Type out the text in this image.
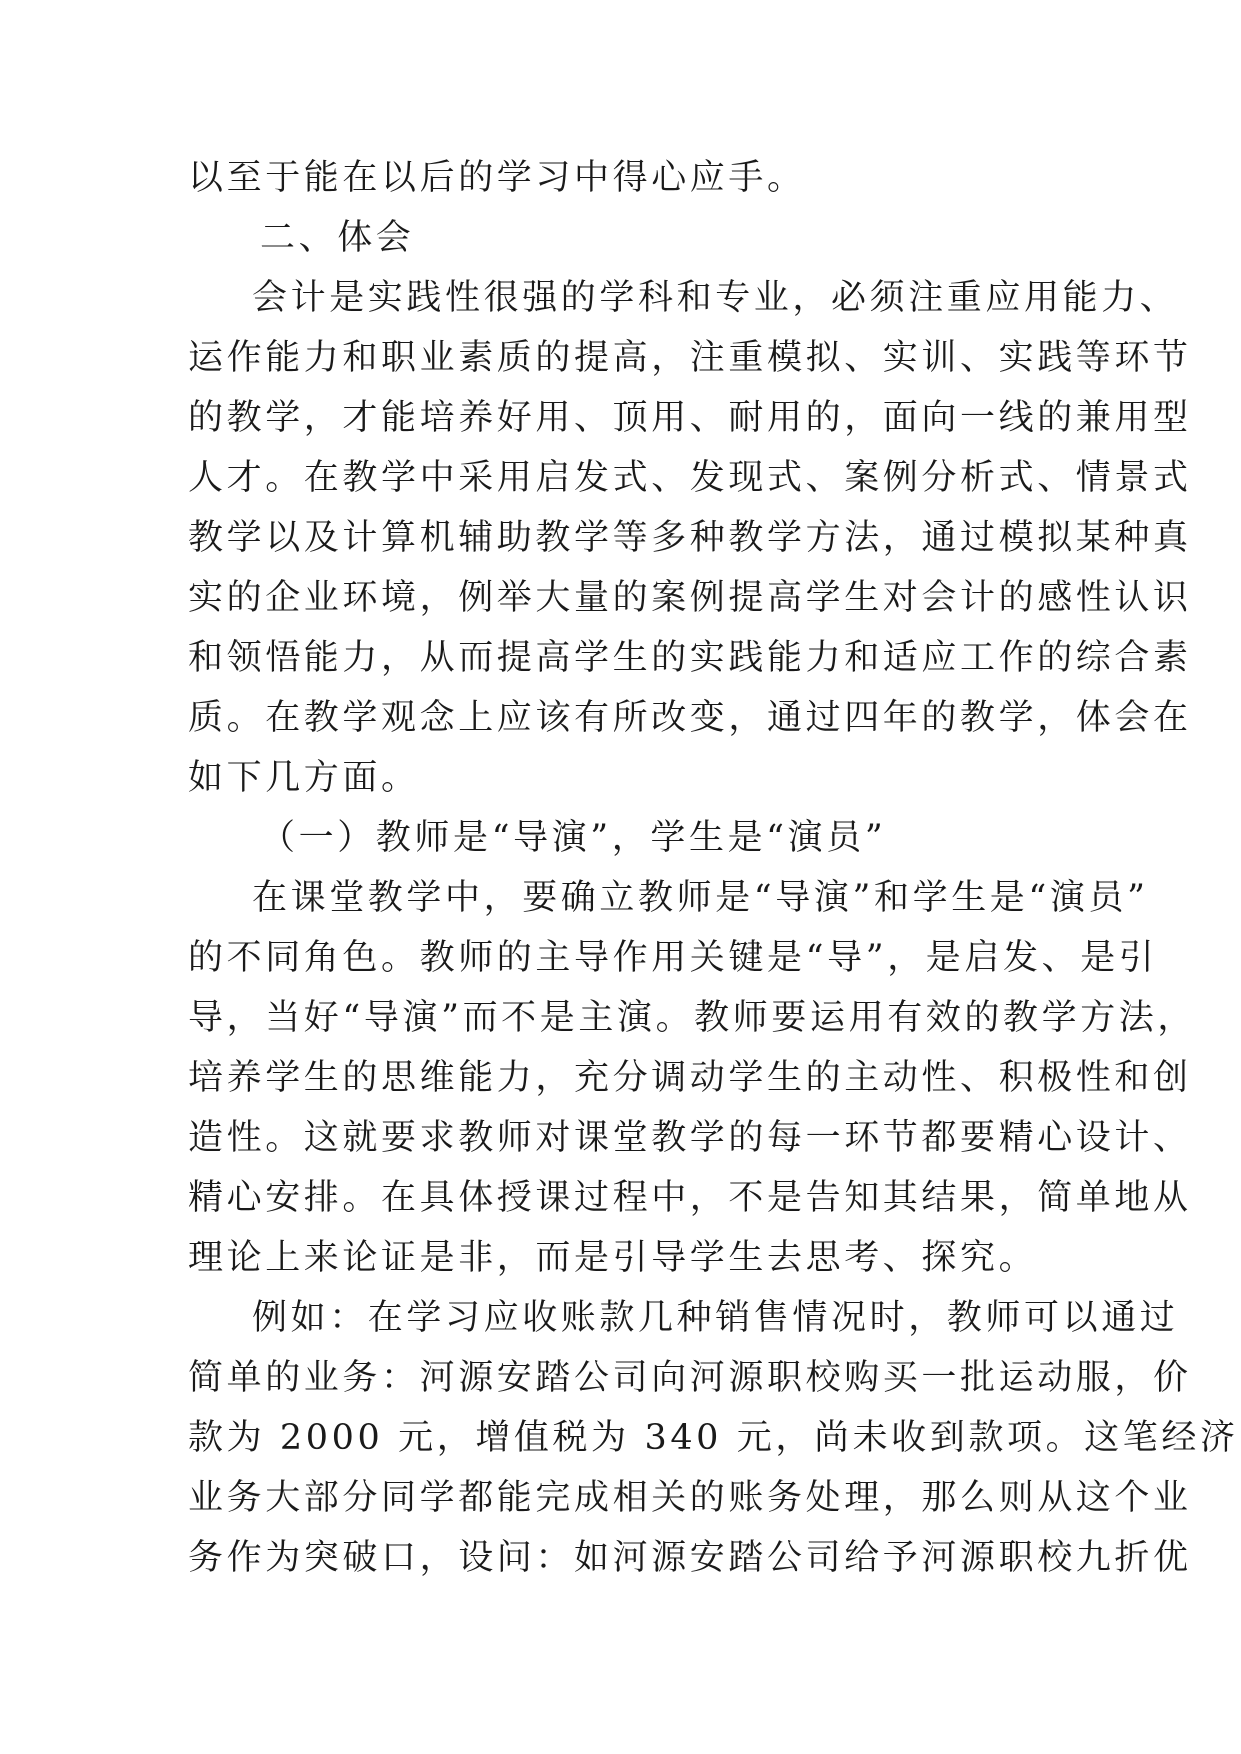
以至于能在以后的学习中得心应手。
二、体会
会计是实践性很强的学科和专业，必须注重应用能力、
运作能力和职业素质的提高，注重模拟、实训、实践等环节
的教学，才能培养好用、顶用、耐用的，面向一线的兼用型
人才。在教学中采用启发式、发现式、案例分析式、情景式
教学以及计算机辅助教学等多种教学方法，通过模拟某种真
实的企业环境，例举大量的案例提高学生对会计的感性认识
和领悟能力，从而提高学生的实践能力和适应工作的综合素
质。在教学观念上应该有所改变，通过四年的教学，体会在
如下几方面。
（一）教师是“导演”，学生是“演员”
在课堂教学中，要确立教师是“导演”和学生是“演员”
的不同角色。教师的主导作用关键是“导”，是启发、是引
导，当好“导演”而不是主演。教师要运用有效的教学方法，
培养学生的思维能力，充分调动学生的主动性、积极性和创
造性。这就要求教师对课堂教学的每一环节都要精心设计、
精心安排。在具体授课过程中，不是告知其结果，简单地从
理论上来论证是非，而是引导学生去思考、探究。
例如：在学习应收账款几种销售情况时，教师可以通过
简单的业务：河源安踏公司向河源职校购买一批运动服，价
款为 2000 元，增值税为 340 元，尚未收到款项。这笔经济
业务大部分同学都能完成相关的账务处理，那么则从这个业
务作为突破口，设问：如河源安踏公司给予河源职校九折优
